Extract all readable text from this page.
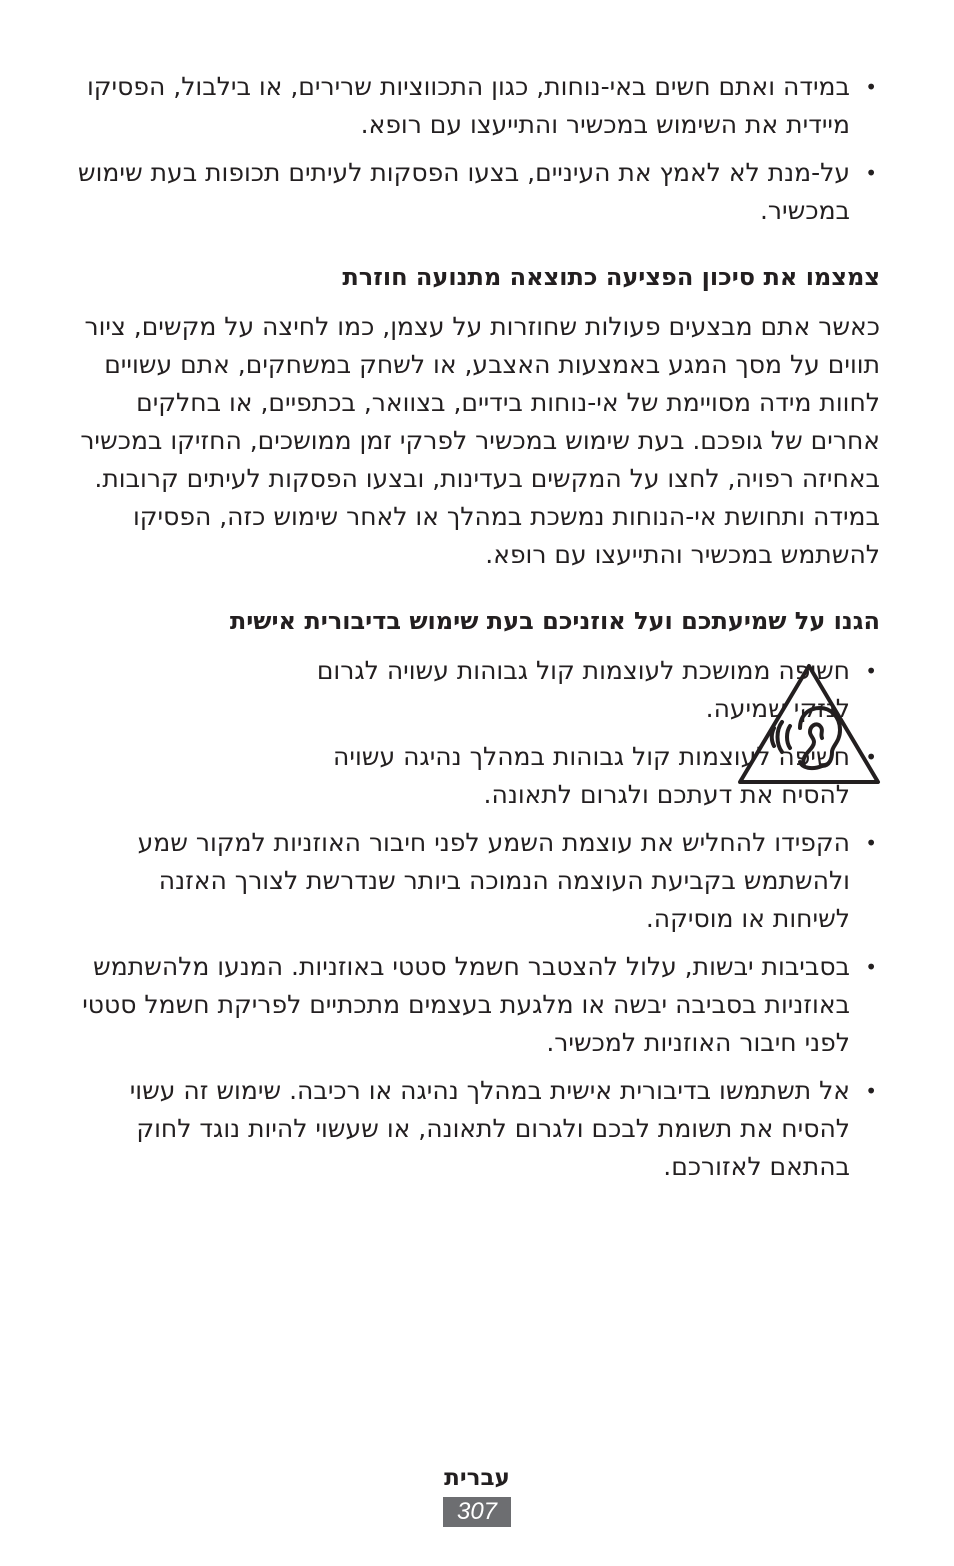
•
במידה ואתם חשים באי-נוחות, כגון התכווציות שרירים, או בילבול, הפסיקו מיידית את השימוש במכשיר והתייעצו עם רופא.
•
על-מנת לא לאמץ את העיניים, בצעו הפסקות לעיתים תכופות בעת שימוש במכשיר.
צמצמו את סיכון הפציעה כתוצאה מתנועה חוזרת

כאשר אתם מבצעים פעולות שחוזרות על עצמן, כמו לחיצה על מקשים, ציור תווים על מסך המגע באמצעות האצבע, או לשחק במשחקים, אתם עשויים לחוות מידה מסויימת של אי-נוחות בידיים, בצוואר, בכתפיים, או בחלקים אחרים של גופכם. בעת שימוש במכשיר לפרקי זמן ממושכים, החזיקו במכשיר באחיזה רפויה, לחצו על המקשים בעדינות, ובצעו הפסקות לעיתים קרובות. במידה ותחושת אי-הנוחות נמשכת במהלך או לאחר שימוש כזה, הפסיקו להשתמש במכשיר והתייעצו עם רופא.

הגנו על שמיעתכם ועל אוזניכם בעת שימוש בדיבורית אישית
•
חשיפה ממושכת לעוצמות קול גבוהות עשויה לגרום לנזקי שמיעה.
•
חשיפה לעוצמות קול גבוהות במהלך נהיגה עשויה להסיח את דעתכם ולגרום לתאונה.
•
הקפידו להחליש את עוצמת השמע לפני חיבור האוזניות למקור שמע ולהשתמש בקביעת העוצמה הנמוכה ביותר שנדרשת לצורך האזנה לשיחות או מוסיקה.
•
בסביבות יבשות, עלול להצטבר חשמל סטטי באוזניות. המנעו מלהשתמש באוזניות בסביבה יבשה או מלגעת בעצמים מתכתיים לפריקת חשמל סטטי לפני חיבור האוזניות למכשיר.
•
אל תשתמשו בדיבורית אישית במהלך נהיגה או רכיבה. שימוש זה עשוי להסיח את תשומת לבכם ולגרום לתאונה, או שעשוי להיות נוגד לחוק בהתאם לאזורכם.
עברית
307
